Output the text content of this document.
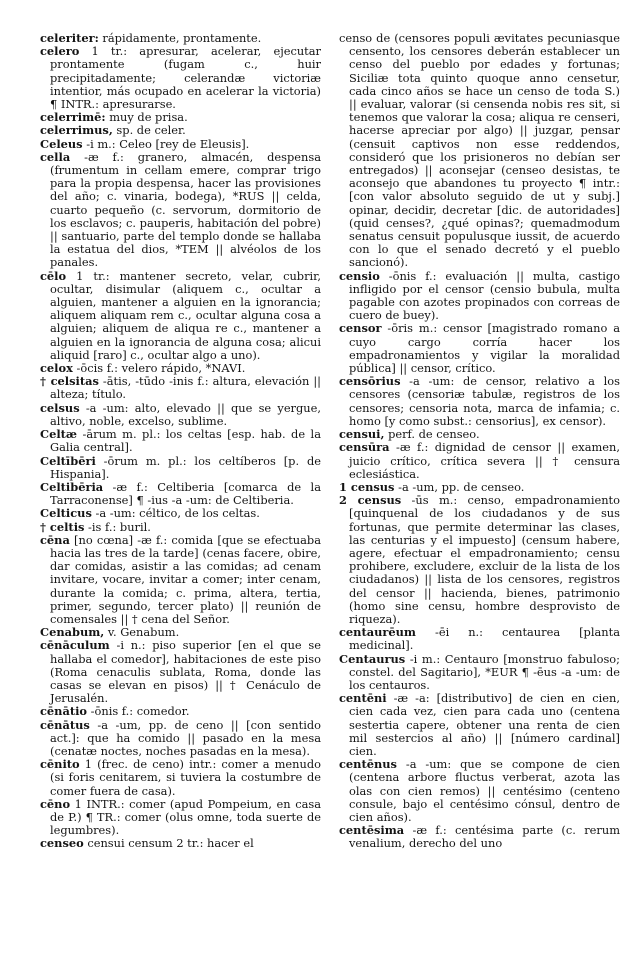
celeriter: rápidamente, prontamente.

celero 1 tr.: apresurar, acelerar, ejecutar prontamente (fugam c., huir precipitadamente; celerandæ victoriæ intentior, más ocupado en acelerar la victoria) ¶ INTR.: apresurarse.

celerrimē: muy de prisa.

celerrimus, sp. de celer.

Celeus -i m.: Celeo [rey de Eleusis].

cella -æ f.: granero, almacén, despensa (frumentum in cellam emere, comprar trigo para la propia despensa, hacer las provisiones del año; c. vinaria, bodega), *RUS || celda, cuarto pequeño (c. servorum, dormitorio de los esclavos; c. pauperis, habitación del pobre) || santuario, parte del templo donde se hallaba la estatua del dios, *TEM || alvéolos de los panales.

cēlo 1 tr.: mantener secreto, velar, cubrir, ocultar, disimular (aliquem c., ocultar a alguien, mantener a alguien en la ignorancia; aliquem aliquam rem c., ocultar alguna cosa a alguien; aliquem de aliqua re c., mantener a alguien en la ignorancia de alguna cosa; alicui aliquid [raro] c., ocultar algo a uno).

celox -ōcis f.: velero rápido, *NAVI.

† celsitas -ātis, -tūdo -inis f.: altura, elevación || alteza; título.

celsus -a -um: alto, elevado || que se yergue, altivo, noble, excelso, sublime.

Celtæ -ārum m. pl.: los celtas [esp. hab. de la Galia central].

Celtībēri -ōrum m. pl.: los celtíberos [p. de Hispania].

Celtibēria -æ f.: Celtiberia [comarca de la Tarraconense] ¶ -ius -a -um: de Celtiberia.

Celticus -a -um: céltico, de los celtas.

† celtis -is f.: buril.

cēna [no cœna] -æ f.: comida [que se efectuaba hacia las tres de la tarde] (cenas facere, obire, dar comidas, asistir a las comidas; ad cenam invitare, vocare, invitar a comer; inter cenam, durante la comida; c. prima, altera, tertia, primer, segundo, tercer plato) || reunión de comensales || † cena del Señor.

Cenabum, v. Genabum.

cēnāculum -i n.: piso superior [en el que se hallaba el comedor], habitaciones de este piso (Roma cenaculis sublata, Roma, donde las casas se elevan en pisos) || † Cenáculo de Jerusalén.

cēnātio -ōnis f.: comedor.

cēnātus -a -um, pp. de ceno || [con sentido act.]: que ha comido || pasado en la mesa (cenatæ noctes, noches pasadas en la mesa).

cēnito 1 (frec. de ceno) intr.: comer a menudo (si foris cenitarem, si tuviera la costumbre de comer fuera de casa).

cēno 1 INTR.: comer (apud Pompeium, en casa de P.) ¶ TR.: comer (olus omne, toda suerte de legumbres).

censeo censui censum 2 tr.: hacer el

censo de (censores populi ævitates pecuniasque censento, los censores deberán establecer un censo del pueblo por edades y fortunas; Siciliæ tota quinto quoque anno censetur, cada cinco años se hace un censo de toda S.) || evaluar, valorar (si censenda nobis res sit, si tenemos que valorar la cosa; aliqua re censeri, hacerse apreciar por algo) || juzgar, pensar (censuit captivos non esse reddendos, consideró que los prisioneros no debían ser entregados) || aconsejar (censeo desistas, te aconsejo que abandones tu proyecto ¶ intr.: [con valor absoluto seguido de ut y subj.] opinar, decidir, decretar [dic. de autoridades] (quid censes?, ¿qué opinas?; quemadmodum senatus censuit populusque iussit, de acuerdo con lo que el senado decretó y el pueblo sancionó).

censio -ōnis f.: evaluación || multa, castigo infligido por el censor (censio bubula, multa pagable con azotes propinados con correas de cuero de buey).

censor -ōris m.: censor [magistrado romano a cuyo cargo corría hacer los empadronamientos y vigilar la moralidad pública] || censor, crítico.

censōrius -a -um: de censor, relativo a los censores (censoriæ tabulæ, registros de los censores; censoria nota, marca de infamia; c. homo [y como subst.: censorius], ex censor).

censui, perf. de censeo.

censūra -æ f.: dignidad de censor || examen, juicio crítico, crítica severa || † censura eclesiástica.

1 census -a -um, pp. de censeo.

2 census -ūs m.: censo, empadronamiento [quinquenal de los ciudadanos y de sus fortunas, que permite determinar las clases, las centurias y el impuesto] (censum habere, agere, efectuar el empadronamiento; censu prohibere, excludere, excluir de la lista de los ciudadanos) || lista de los censores, registros del censor || hacienda, bienes, patrimonio (homo sine censu, hombre desprovisto de riqueza).

centaurēum -ēi n.: centaurea [planta medicinal].

Centaurus -i m.: Centauro [monstruo fabuloso; constel. del Sagitario], *EUR ¶ -ēus -a -um: de los centauros.

centēni -æ -a: [distributivo] de cien en cien, cien cada vez, cien para cada uno (centena sestertia capere, obtener una renta de cien mil sestercios al año) || [número cardinal] cien.

centēnus -a -um: que se compone de cien (centena arbore fluctus verberat, azota las olas con cien remos) || centésimo (centeno consule, bajo el centésimo cónsul, dentro de cien años).

centēsima -æ f.: centésima parte (c. rerum venalium, derecho del uno
